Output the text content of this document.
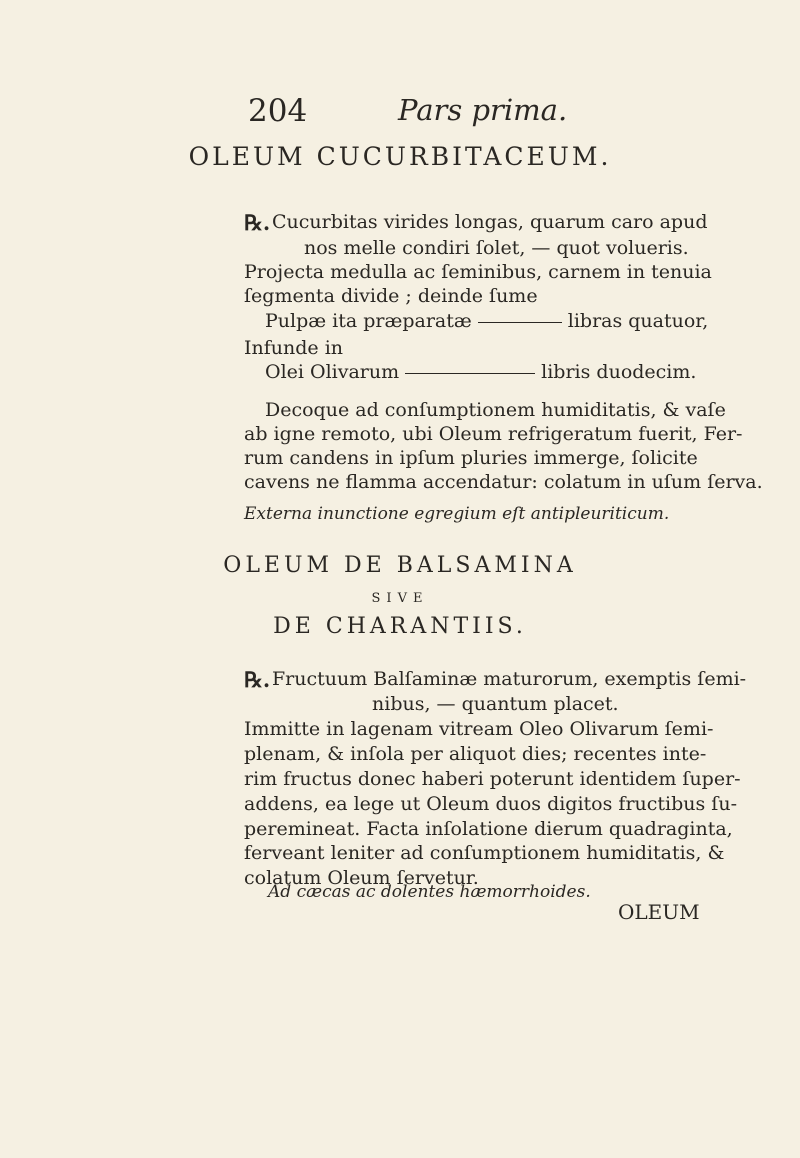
204	Pars prima.
OLEUM CUCURBITACEUM.
℞. Cucurbitas virides longas, quarum caro apud
nos melle condiri ſolet, — quot volueris.
Projecta medulla ac ſeminibus, carnem in tenuia
ſegmenta divide ; deinde ſume
Pulpæ ita præparatæ	libras quatuor,
Infunde in
Olei Olivarum	libris duodecim.
Decoque ad conſumptionem humiditatis, & vaſe
ab igne remoto, ubi Oleum refrigeratum fuerit, Fer-
rum candens in ipſum pluries immerge, ſolicite
cavens ne flamma accendatur: colatum in uſum ſerva.
Externa inunctione egregium eſt antipleuriticum.
OLEUM DE BALSAMINA
SIVE
DE CHARANTIIS.
℞. Fructuum Balſaminæ maturorum, exemptis ſemi-
nibus, — quantum placet.
Immitte in lagenam vitream Oleo Olivarum ſemi-
plenam, & inſola per aliquot dies; recentes inte-
rim fructus donec haberi poterunt identidem ſuper-
addens, ea lege ut Oleum duos digitos fructibus ſu-
peremineat. Facta inſolatione dierum quadraginta,
ferveant leniter ad conſumptionem humiditatis, &
colatum Oleum ſervetur.
Ad cæcas ac dolentes hæmorrhoides.
OLEUM
